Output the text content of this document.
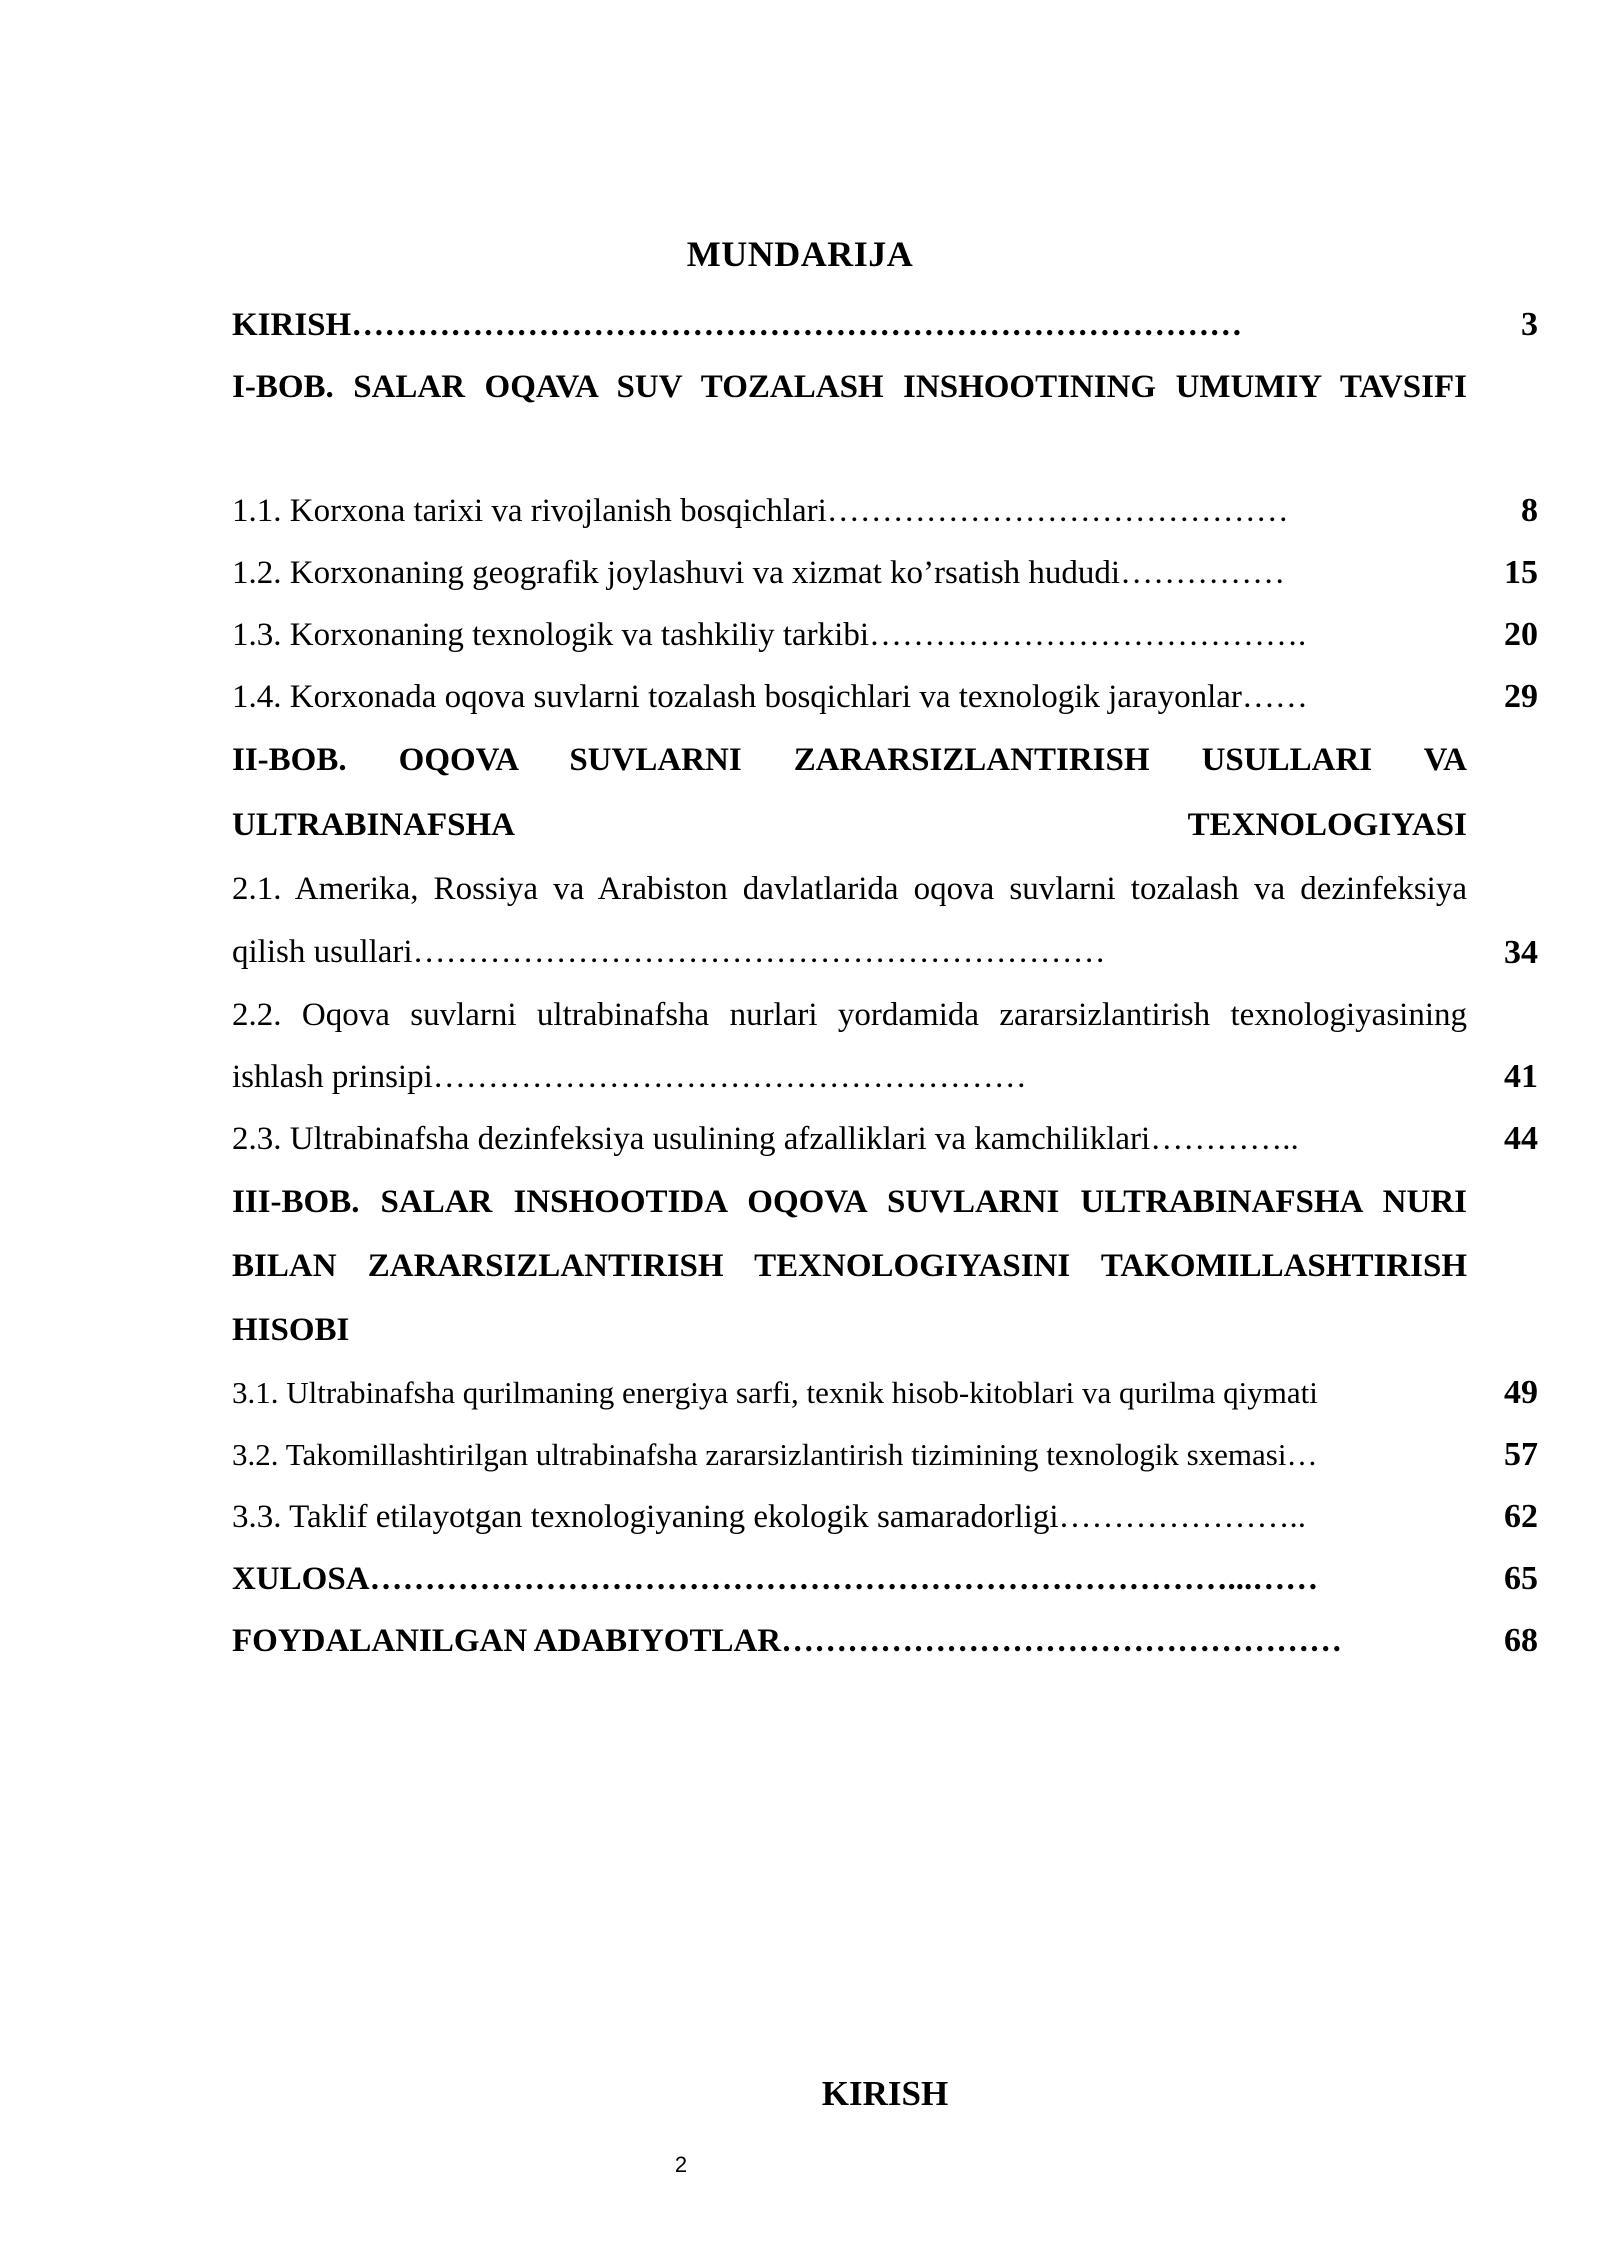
MUNDARIJA
KIRISH………………………………………………………………………	3
I-BOB. SALAR OQAVA SUV TOZALASH INSHOOTINING UMUMIY TAVSIFI
1.1. Korxona tarixi va rivojlanish bosqichlari……………………………………	8
1.2. Korxonaning geografik joylashuvi va xizmat ko’rsatish hududi……………	15
1.3. Korxonaning texnologik va tashkiliy tarkibi………………………………….	20
1.4. Korxonada oqova suvlarni tozalash bosqichlari va texnologik jarayonlar……	29
II-BOB. OQOVA SUVLARNI ZARARSIZLANTIRISH USULLARI VA ULTRABINAFSHA TEXNOLOGIYASI
2.1. Amerika, Rossiya va Arabiston davlatlarida oqova suvlarni tozalash va dezinfeksiya qilish usullari………………………………………………………	34
2.2. Oqova suvlarni ultrabinafsha nurlari yordamida zararsizlantirish texnologiyasining ishlash prinsipi………………………………………………	41
2.3. Ultrabinafsha dezinfeksiya usulining afzalliklari va kamchiliklari…………..	44
III-BOB. SALAR INSHOOTIDA OQOVA SUVLARNI ULTRABINAFSHA NURI BILAN ZARARSIZLANTIRISH TEXNOLOGIYASINI TAKOMILLASHTIRISH HISOBI
3.1. Ultrabinafsha qurilmaning energiya sarfi, texnik hisob-kitoblari va qurilma qiymati	49
3.2. Takomillashtirilgan ultrabinafsha zararsizlantirish tizimining texnologik sxemasi…	57
3.3. Taklif etilayotgan texnologiyaning ekologik samaradorligi…………………..	62
XULOSA……………………………………………………………………...……	65
FOYDALANILGAN ADABIYOTLAR……………………………………………	68
KIRISH
2
